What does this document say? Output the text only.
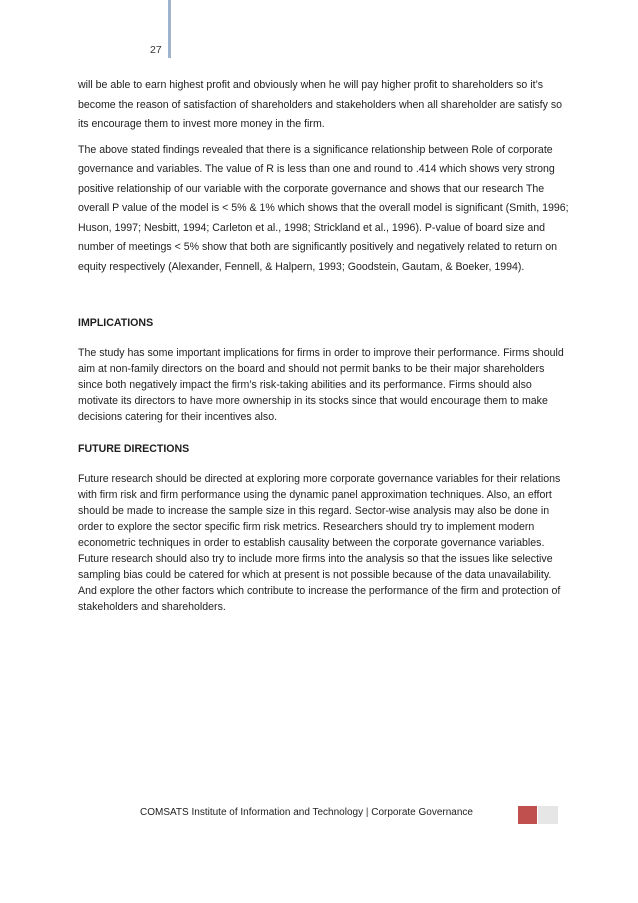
27

will be able to earn highest profit and obviously when he will pay higher profit to shareholders so it’s become the reason of satisfaction of shareholders and stakeholders when all shareholder are satisfy so its encourage them to invest more money in the firm.

The above stated findings revealed that there is a significance relationship between Role of corporate governance and variables. The value of R is less than one and round to .414 which shows very strong positive relationship of our variable with the corporate governance and shows that our research The overall P value of the model is < 5% & 1% which shows that the overall model is significant (Smith, 1996; Huson, 1997; Nesbitt, 1994; Carleton et al., 1998; Strickland et al., 1996). P-value of board size and number of meetings < 5% show that both are significantly positively and negatively related to return on equity respectively (Alexander, Fennell, & Halpern, 1993; Goodstein, Gautam, & Boeker, 1994).

IMPLICATIONS

The study has some important implications for firms in order to improve their performance. Firms should aim at non-family directors on the board and should not permit banks to be their major shareholders since both negatively impact the firm’s risk-taking abilities and its performance. Firms should also motivate its directors to have more ownership in its stocks since that would encourage them to make decisions catering for their incentives also.

FUTURE DIRECTIONS

Future research should be directed at exploring more corporate governance variables for their relations with firm risk and firm performance using the dynamic panel approximation techniques. Also, an effort should be made to increase the sample size in this regard. Sector-wise analysis may also be done in order to explore the sector specific firm risk metrics. Researchers should try to implement modern econometric techniques in order to establish causality between the corporate governance variables. Future research should also try to include more firms into the analysis so that the issues like selective sampling bias could be catered for which at present is not possible because of the data unavailability. And explore the other factors which contribute to increase the performance of the firm and protection of stakeholders and shareholders.

COMSATS Institute of Information and Technology | Corporate Governance
